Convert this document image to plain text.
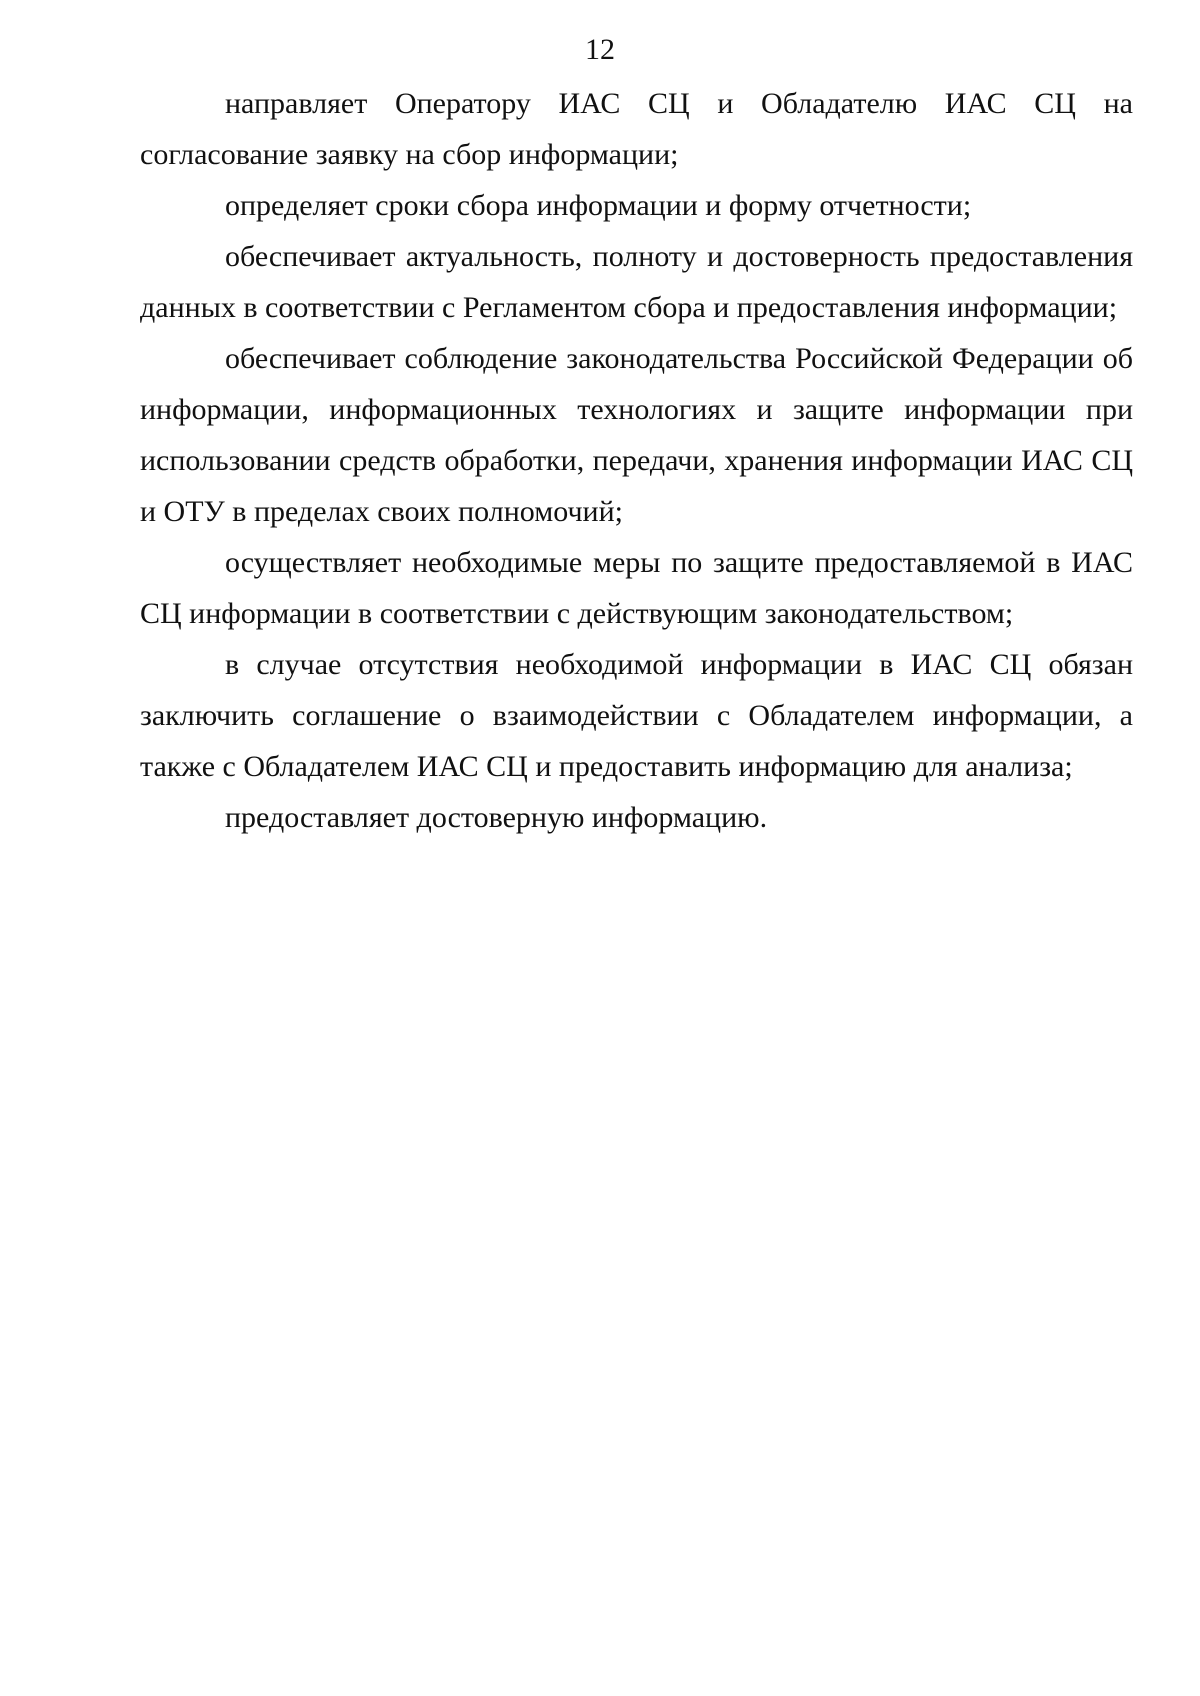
12

направляет Оператору ИАС СЦ и Обладателю ИАС СЦ на согласование заявку на сбор информации;

определяет сроки сбора информации и форму отчетности;

обеспечивает актуальность, полноту и достоверность предоставления данных в соответствии с Регламентом сбора и предоставления информации;

обеспечивает соблюдение законодательства Российской Федерации об информации, информационных технологиях и защите информации при использовании средств обработки, передачи, хранения информации ИАС СЦ и ОТУ в пределах своих полномочий;

осуществляет необходимые меры по защите предоставляемой в ИАС СЦ информации в соответствии с действующим законодательством;

в случае отсутствия необходимой информации в ИАС СЦ обязан заключить соглашение о взаимодействии с Обладателем информации, а также с Обладателем ИАС СЦ и предоставить информацию для анализа;

предоставляет достоверную информацию.
